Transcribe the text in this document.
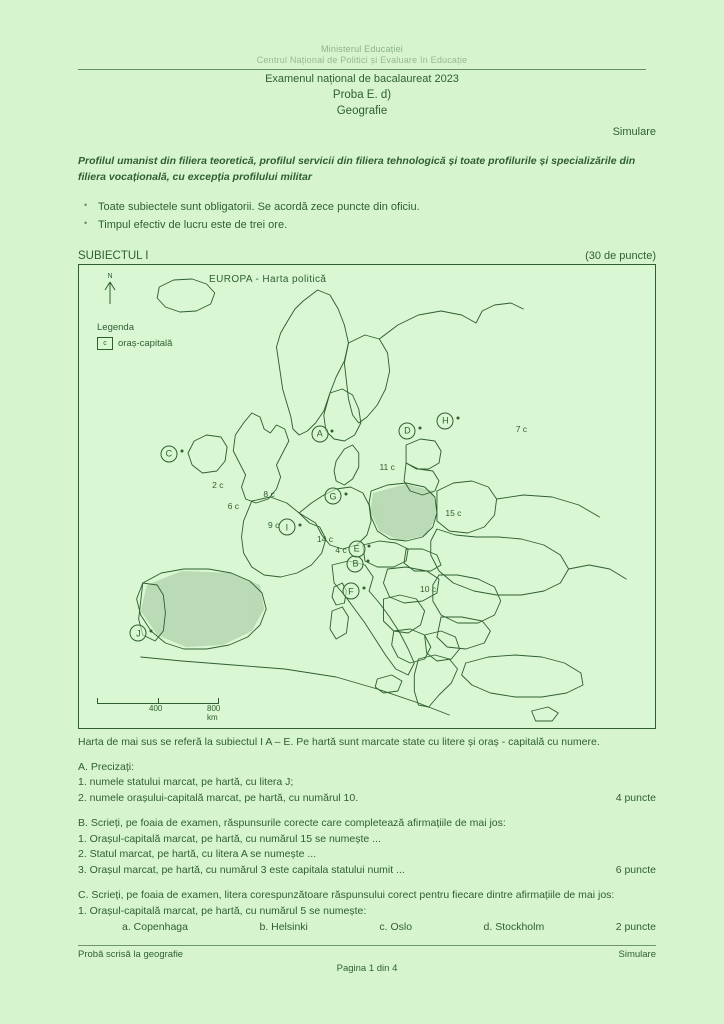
Ministerul Educației
Centrul Național de Politici și Evaluare în Educație
Examenul național de bacalaureat 2023
Proba E. d)
Geografie
Simulare
Profilul umanist din filiera teoretică, profilul servicii din filiera tehnologică și toate profilurile și specializările din filiera vocațională, cu excepția profilului militar
• Toate subiectele sunt obligatorii. Se acordă zece puncte din oficiu.
• Timpul efectiv de lucru este de trei ore.
SUBIECTUL I	(30 de puncte)
EUROPA - Harta politică
N
Legenda
c	oraș-capitală
400	800 km
A
B
C
D
E
F
G
H
I
J
2 c
4 c
6 c
7 c
8 c
9 c
10 c
11 c
14 c
15 c
Harta de mai sus se referă la subiectul I A – E. Pe hartă sunt marcate state cu litere și oraș - capitală cu numere.
A. Precizați:
1. numele statului marcat, pe hartă, cu litera J;
2. numele orașului-capitală marcat, pe hartă, cu numărul 10.	4 puncte
B. Scrieți, pe foaia de examen, răspunsurile corecte care completează afirmațiile de mai jos:
1. Orașul-capitală marcat, pe hartă, cu numărul 15 se numește ...
2. Statul marcat, pe hartă, cu litera A se numește ...
3. Orașul marcat, pe hartă, cu numărul 3 este capitala statului numit ...	6 puncte
C. Scrieți, pe foaia de examen, litera corespunzătoare răspunsului corect pentru fiecare dintre afirmațiile de mai jos:
1. Orașul-capitală marcat, pe hartă, cu numărul 5 se numește:
a. Copenhaga	b. Helsinki	c. Oslo	d. Stockholm	2 puncte
Probă scrisă la geografie	Simulare
Pagina 1 din 4
